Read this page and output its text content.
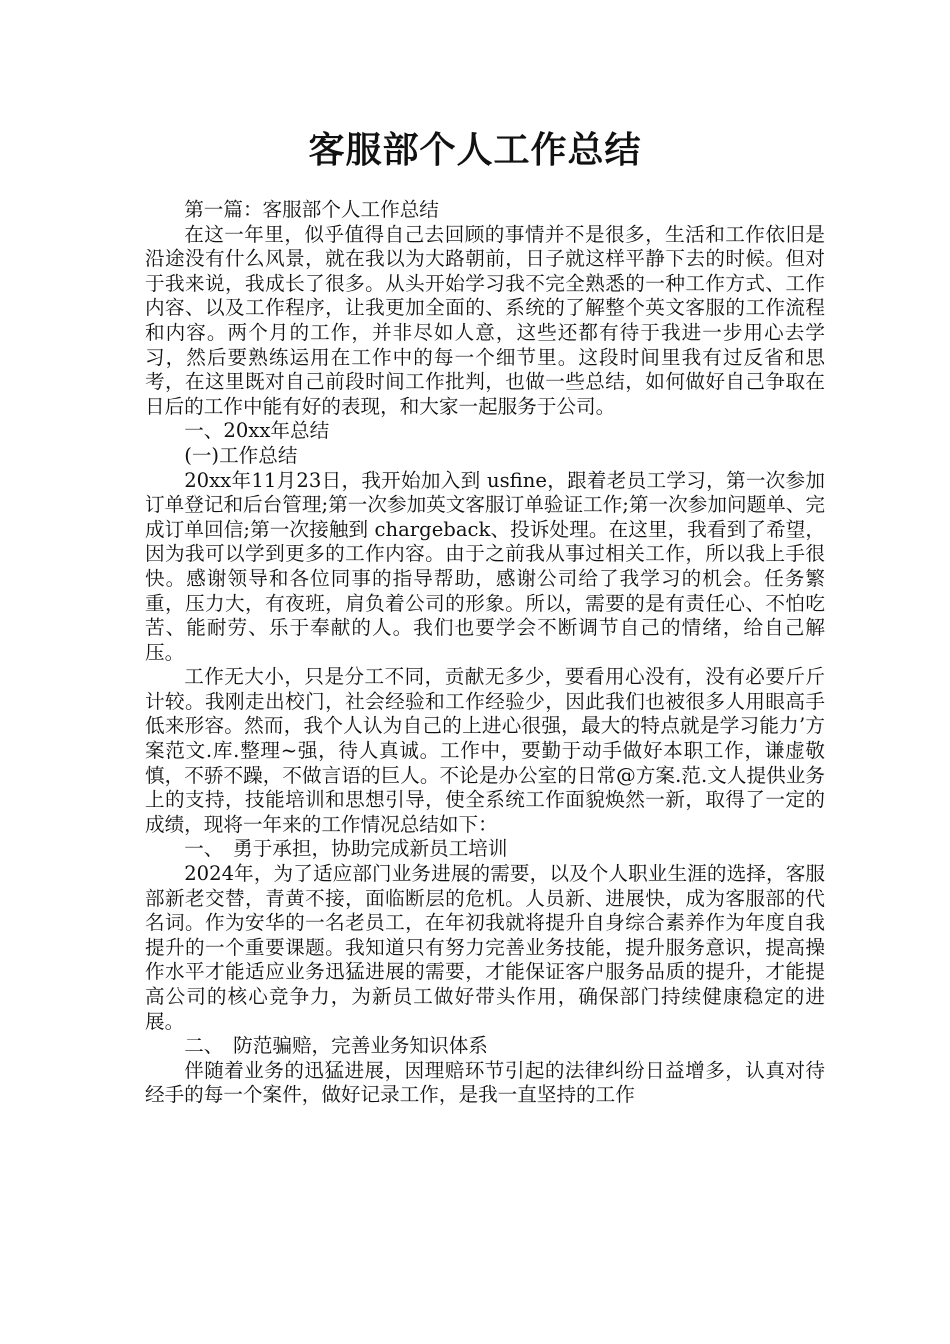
客服部个人工作总结

第一篇：客服部个人工作总结

在这一年里，似乎值得自己去回顾的事情并不是很多，生活和工作依旧是沿途没有什么风景，就在我以为大路朝前，日子就这样平静下去的时候。但对于我来说，我成长了很多。从头开始学习我不完全熟悉的一种工作方式、工作内容、以及工作程序，让我更加全面的、系统的了解整个英文客服的工作流程和内容。两个月的工作，并非尽如人意，这些还都有待于我进一步用心去学习，然后要熟练运用在工作中的每一个细节里。这段时间里我有过反省和思考，在这里既对自己前段时间工作批判，也做一些总结，如何做好自己争取在日后的工作中能有好的表现，和大家一起服务于公司。

一、20xx年总结

(一)工作总结

20xx年11月23日，我开始加入到 usfine，跟着老员工学习，第一次参加订单登记和后台管理;第一次参加英文客服订单验证工作;第一次参加问题单、完成订单回信;第一次接触到 chargeback、投诉处理。在这里，我看到了希望，因为我可以学到更多的工作内容。由于之前我从事过相关工作，所以我上手很快。感谢领导和各位同事的指导帮助，感谢公司给了我学习的机会。任务繁重，压力大，有夜班，肩负着公司的形象。所以，需要的是有责任心、不怕吃苦、能耐劳、乐于奉献的人。我们也要学会不断调节自己的情绪，给自己解压。

工作无大小，只是分工不同，贡献无多少，要看用心没有，没有必要斤斤计较。我刚走出校门，社会经验和工作经验少，因此我们也被很多人用眼高手低来形容。然而，我个人认为自己的上进心很强，最大的特点就是学习能力’方案范文.库.整理~强，待人真诚。工作中，要勤于动手做好本职工作，谦虚敬慎，不骄不躁，不做言语的巨人。不论是办公室的日常@方案.范.文人提供业务上的支持，技能培训和思想引导，使全系统工作面貌焕然一新，取得了一定的成绩，现将一年来的工作情况总结如下：

一、　勇于承担，协助完成新员工培训

2024年，为了适应部门业务进展的需要，以及个人职业生涯的选择，客服部新老交替，青黄不接，面临断层的危机。人员新、进展快，成为客服部的代名词。作为安华的一名老员工，在年初我就将提升自身综合素养作为年度自我提升的一个重要课题。我知道只有努力完善业务技能，提升服务意识，提高操作水平才能适应业务迅猛进展的需要，才能保证客户服务品质的提升，才能提高公司的核心竞争力，为新员工做好带头作用，确保部门持续健康稳定的进展。

二、　防范骗赔，完善业务知识体系

伴随着业务的迅猛进展，因理赔环节引起的法律纠纷日益增多，认真对待经手的每一个案件，做好记录工作，是我一直坚持的工作
